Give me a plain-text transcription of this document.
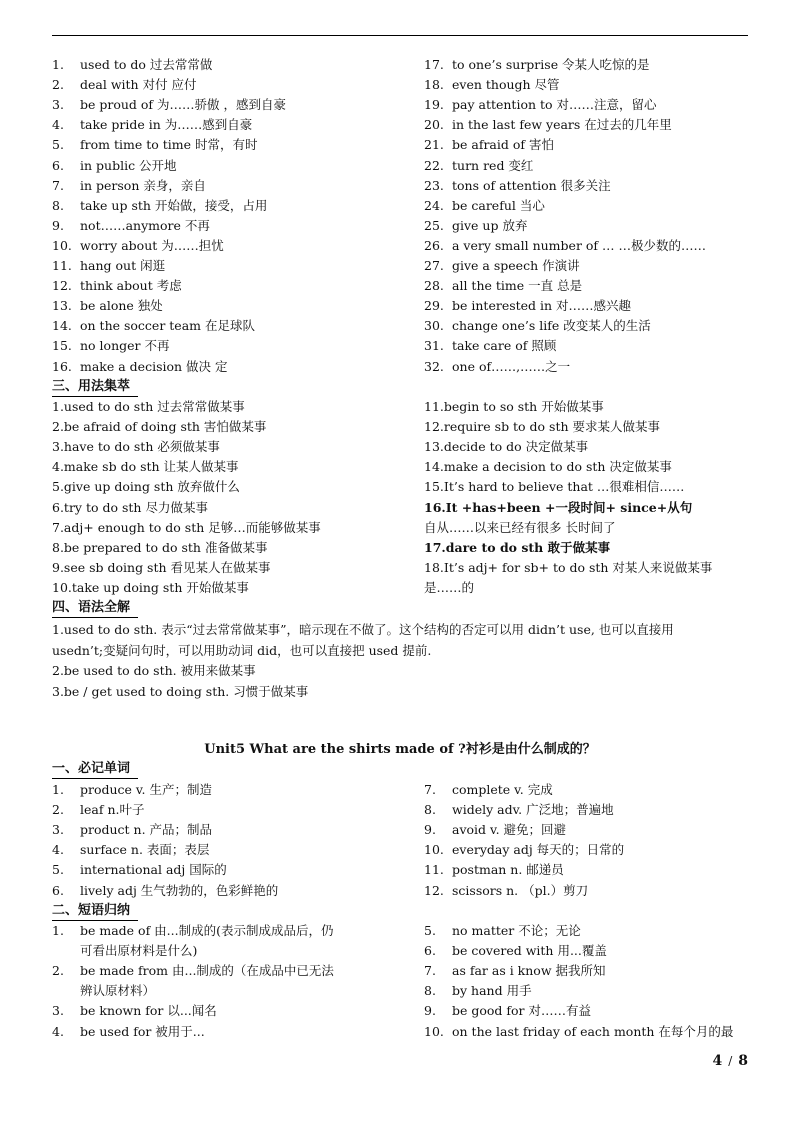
1. used to do 过去常常做
2. deal with 对付 应付
3. be proud of 为……骄傲 ，感到自豪
4. take pride in 为……感到自豪
5. from time to time 时常，有时
6. in public 公开地
7. in person 亲身，亲自
8. take up sth 开始做，接受，占用
9. not……anymore 不再
10. worry about 为……担忧
11. hang out 闲逛
12. think about 考虑
13. be alone 独处
14. on the soccer team 在足球队
15. no longer 不再
16. make a decision 做决 定
17. to one’s surprise 令某人吃惊的是
18. even though 尽管
19. pay attention to 对……注意，留心
20. in the last few years 在过去的几年里
21. be afraid of 害怕
22. turn red 变红
23. tons of attention 很多关注
24. be careful 当心
25. give up 放弃
26. a very small number of … …极少数的……
27. give a speech 作演讲
28. all the time 一直 总是
29. be interested in 对……感兴趣
30. change one’s life 改变某人的生活
31. take care of 照顾
32. one of……,……之一
三、用法集萃
1.used to do sth 过去常常做某事
2.be afraid of doing sth 害怕做某事
3.have to do sth 必须做某事
4.make sb do sth 让某人做某事
5.give up doing sth 放弃做什么
6.try to do sth 尽力做某事
7.adj+ enough to do sth 足够…而能够做某事
8.be prepared to do sth 准备做某事
9.see sb doing sth 看见某人在做某事
10.take up doing sth 开始做某事
11.begin to so sth 开始做某事
12.require sb to do sth 要求某人做某事
13.decide to do 决定做某事
14.make a decision to do sth 决定做某事
15.It’s hard to believe that …很难相信……
16.It +has+been +一段时间+ since+从句
自从……以来已经有很多 长时间了
17.dare to do sth 敢于做某事
18.It’s adj+ for sb+ to do sth 对某人来说做某事
是……的
四、语法全解
1.used to do sth. 表示“过去常常做某事”，暗示现在不做了。这个结构的否定可以用 didn’t use, 也可以直接用
usedn’t;变疑问句时，可以用助动词 did，也可以直接把 used 提前.
2.be used to do sth. 被用来做某事
3.be / get used to doing sth. 习惯于做某事
一、必记单词
1. produce v. 生产；制造
2. leaf n.叶子
3. product n. 产品；制品
4. surface n. 表面；表层
5. international adj 国际的
6. lively adj 生气勃勃的，色彩鲜艳的
7. complete v. 完成
8. widely adv. 广泛地；普遍地
9. avoid v. 避免；回避
10. everyday adj 每天的；日常的
11. postman n. 邮递员
12. scissors n. （pl.）剪刀
二、短语归纳
1. be made of 由...制成的(表示制成成品后，仍
可看出原材料是什么)
2. be made from 由...制成的（在成品中已无法
辨认原材料）
3. be known for 以...闻名
4. be used for 被用于...
5. no matter 不论；无论
6. be covered with 用...覆盖
7. as far as i know 据我所知
8. by hand 用手
9. be good for 对……有益
10. on the last friday of each month 在每个月的最
Unit5 What are the shirts made of ?衬衫是由什么制成的？
4 / 8
